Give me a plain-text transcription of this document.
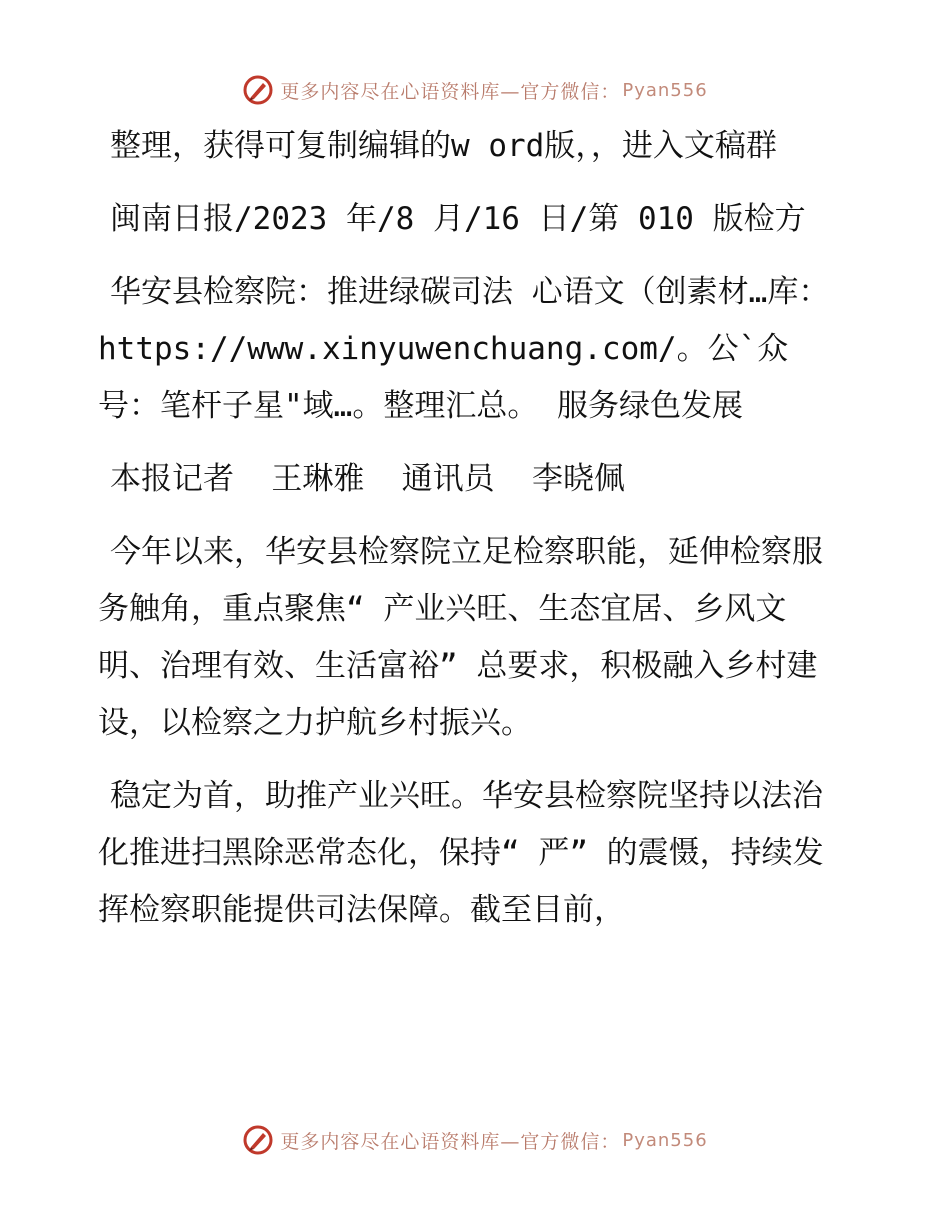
更多内容尽在心语资料库—官方微信： Pyan556

整理，获得可复制编辑的w ord版，，进入文稿群

闽南日报/2023 年/8 月/16 日/第 010 版检方

华安县检察院：推进绿碳司法 心语文（创素材…库：https://www.xinyuwenchuang.com/。公`众号：笔杆子星"域…。整理汇总。 服务绿色发展

本报记者  王琳雅  通讯员  李晓佩

今年以来，华安县检察院立足检察职能，延伸检察服务触角，重点聚焦“ 产业兴旺、生态宜居、乡风文明、治理有效、生活富裕” 总要求，积极融入乡村建设，以检察之力护航乡村振兴。

稳定为首，助推产业兴旺。华安县检察院坚持以法治化推进扫黑除恶常态化，保持“ 严” 的震慑，持续发挥检察职能提供司法保障。截至目前，

更多内容尽在心语资料库—官方微信： Pyan556
